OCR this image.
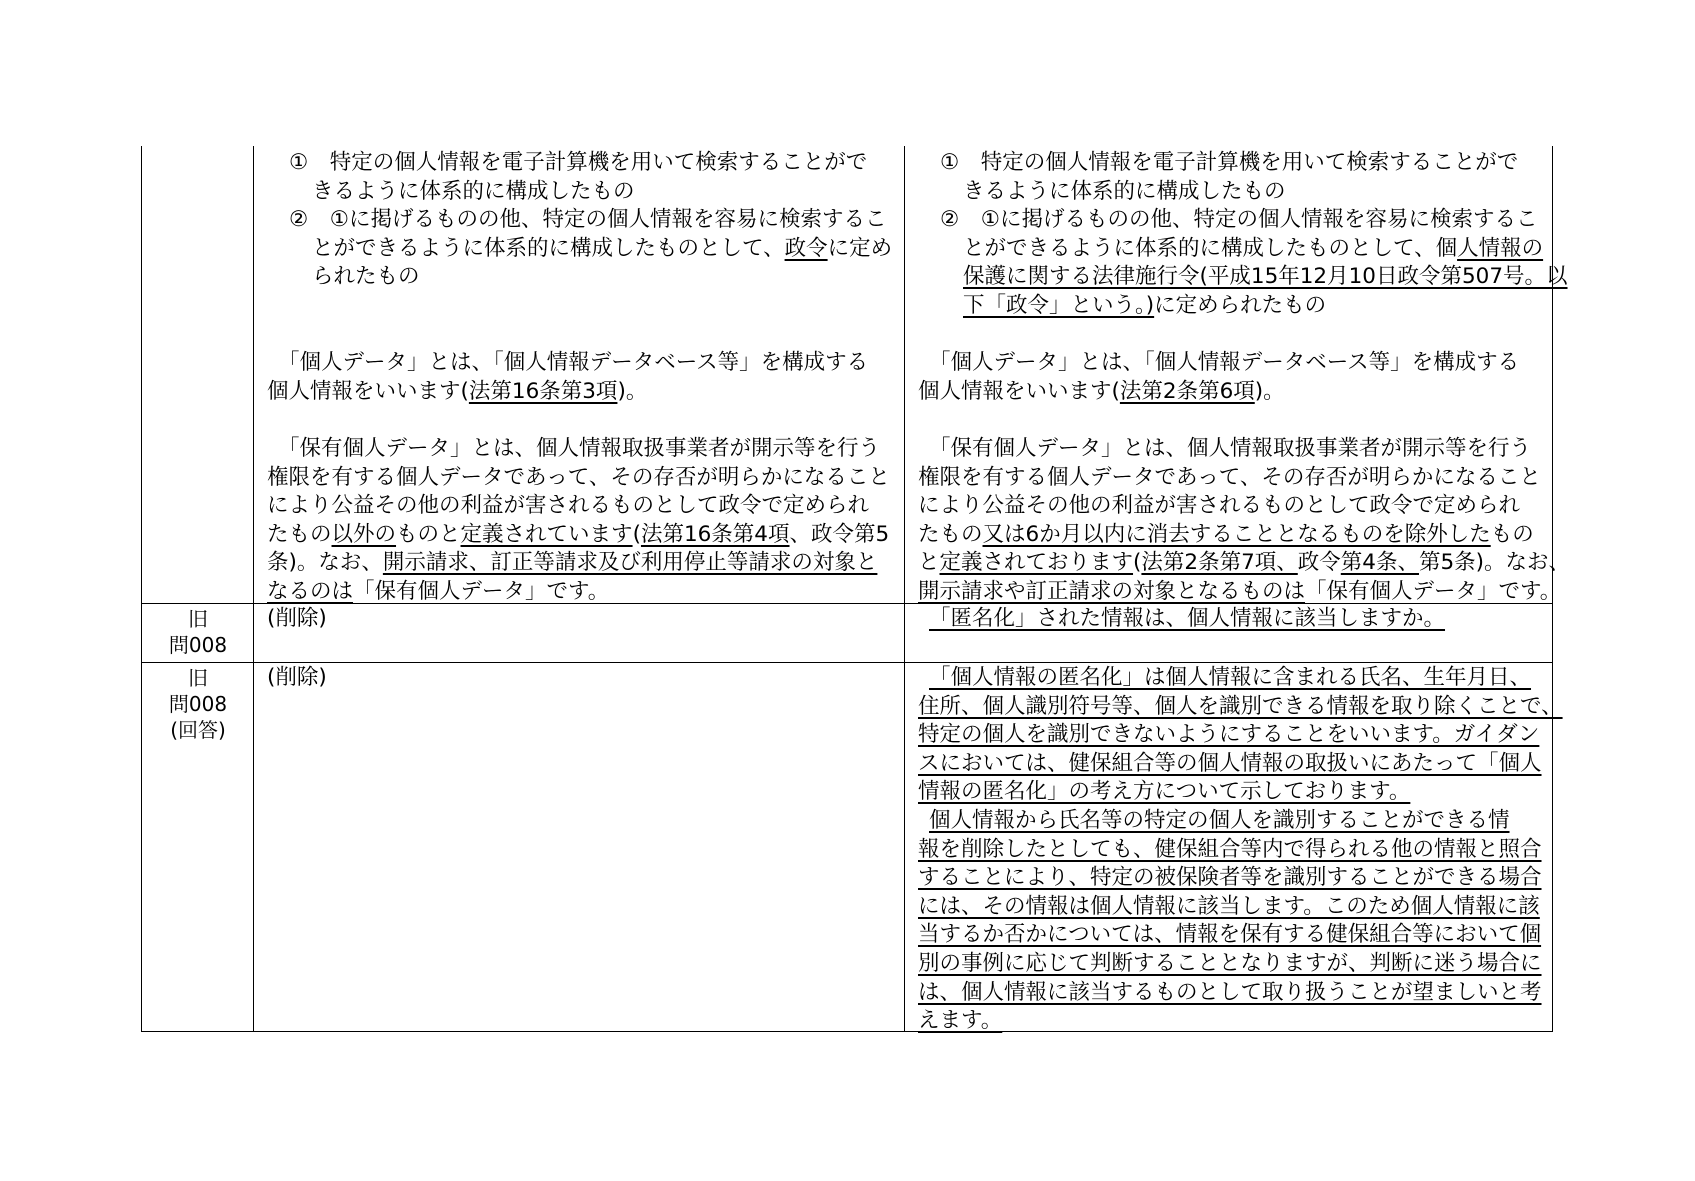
①　特定の個人情報を電子計算機を用いて検索することがで
きるように体系的に構成したもの
②　①に掲げるものの他、特定の個人情報を容易に検索するこ
とができるように体系的に構成したものとして、政令に定め
られたもの
「個人データ」とは、「個人情報データベース等」を構成する
個人情報をいいます(法第16条第3項)。
「保有個人データ」とは、個人情報取扱事業者が開示等を行う
権限を有する個人データであって、その存否が明らかになること
により公益その他の利益が害されるものとして政令で定められ
たもの以外のものと定義されています(法第16条第4項、政令第5
条)。なお、開示請求、訂正等請求及び利用停止等請求の対象と
なるのは「保有個人データ」です。
①　特定の個人情報を電子計算機を用いて検索することがで
きるように体系的に構成したもの
②　①に掲げるものの他、特定の個人情報を容易に検索するこ
とができるように体系的に構成したものとして、個人情報の
保護に関する法律施行令(平成15年12月10日政令第507号。以
下「政令」という。)に定められたもの
「個人データ」とは、「個人情報データベース等」を構成する
個人情報をいいます(法第2条第6項)。
「保有個人データ」とは、個人情報取扱事業者が開示等を行う
権限を有する個人データであって、その存否が明らかになること
により公益その他の利益が害されるものとして政令で定められ
たもの又は6か月以内に消去することとなるものを除外したもの
と定義されております(法第2条第7項、政令第4条、第5条)。なお、
開示請求や訂正請求の対象となるものは「保有個人データ」です。
旧
問008
(削除)	「匿名化」された情報は、個人情報に該当しますか。
旧
問008
(回答)
(削除)	「個人情報の匿名化」は個人情報に含まれる氏名、生年月日、
住所、個人識別符号等、個人を識別できる情報を取り除くことで、
特定の個人を識別できないようにすることをいいます。ガイダン
スにおいては、健保組合等の個人情報の取扱いにあたって「個人
情報の匿名化」の考え方について示しております。
個人情報から氏名等の特定の個人を識別することができる情
報を削除したとしても、健保組合等内で得られる他の情報と照合
することにより、特定の被保険者等を識別することができる場合
には、その情報は個人情報に該当します。このため個人情報に該
当するか否かについては、情報を保有する健保組合等において個
別の事例に応じて判断することとなりますが、判断に迷う場合に
は、個人情報に該当するものとして取り扱うことが望ましいと考
えます。
